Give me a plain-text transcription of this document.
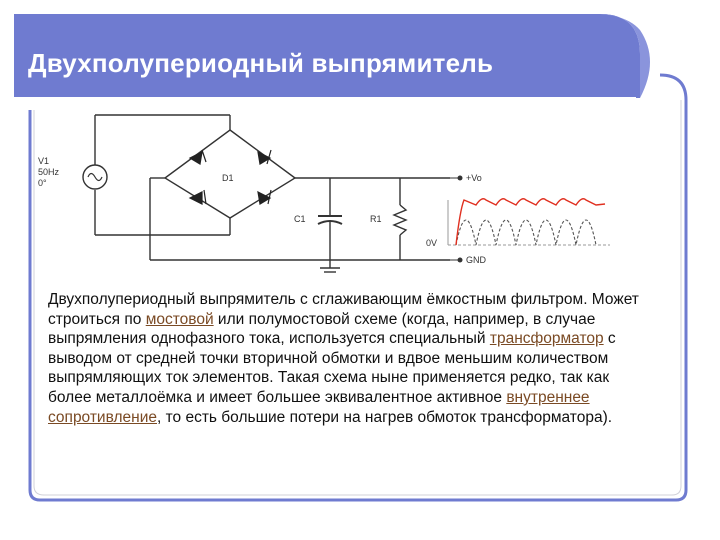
Двухполупериодный выпрямитель
V1
50Hz
0°	D1
C1	R1
+Vo
0V
GND

Двухполупериодный выпрямитель с сглаживающим ёмкостным фильтром. Может строиться по мостовой или полумостовой схеме (когда, например, в случае выпрямления однофазного тока, используется специальный трансформатор с выводом от средней точки вторичной обмотки и вдвое меньшим количеством выпрямляющих ток элементов. Такая схема ныне применяется редко, так как более металлоёмка и имеет большее эквивалентное активное внутреннее сопротивление, то есть большие потери на нагрев обмоток трансформатора).
